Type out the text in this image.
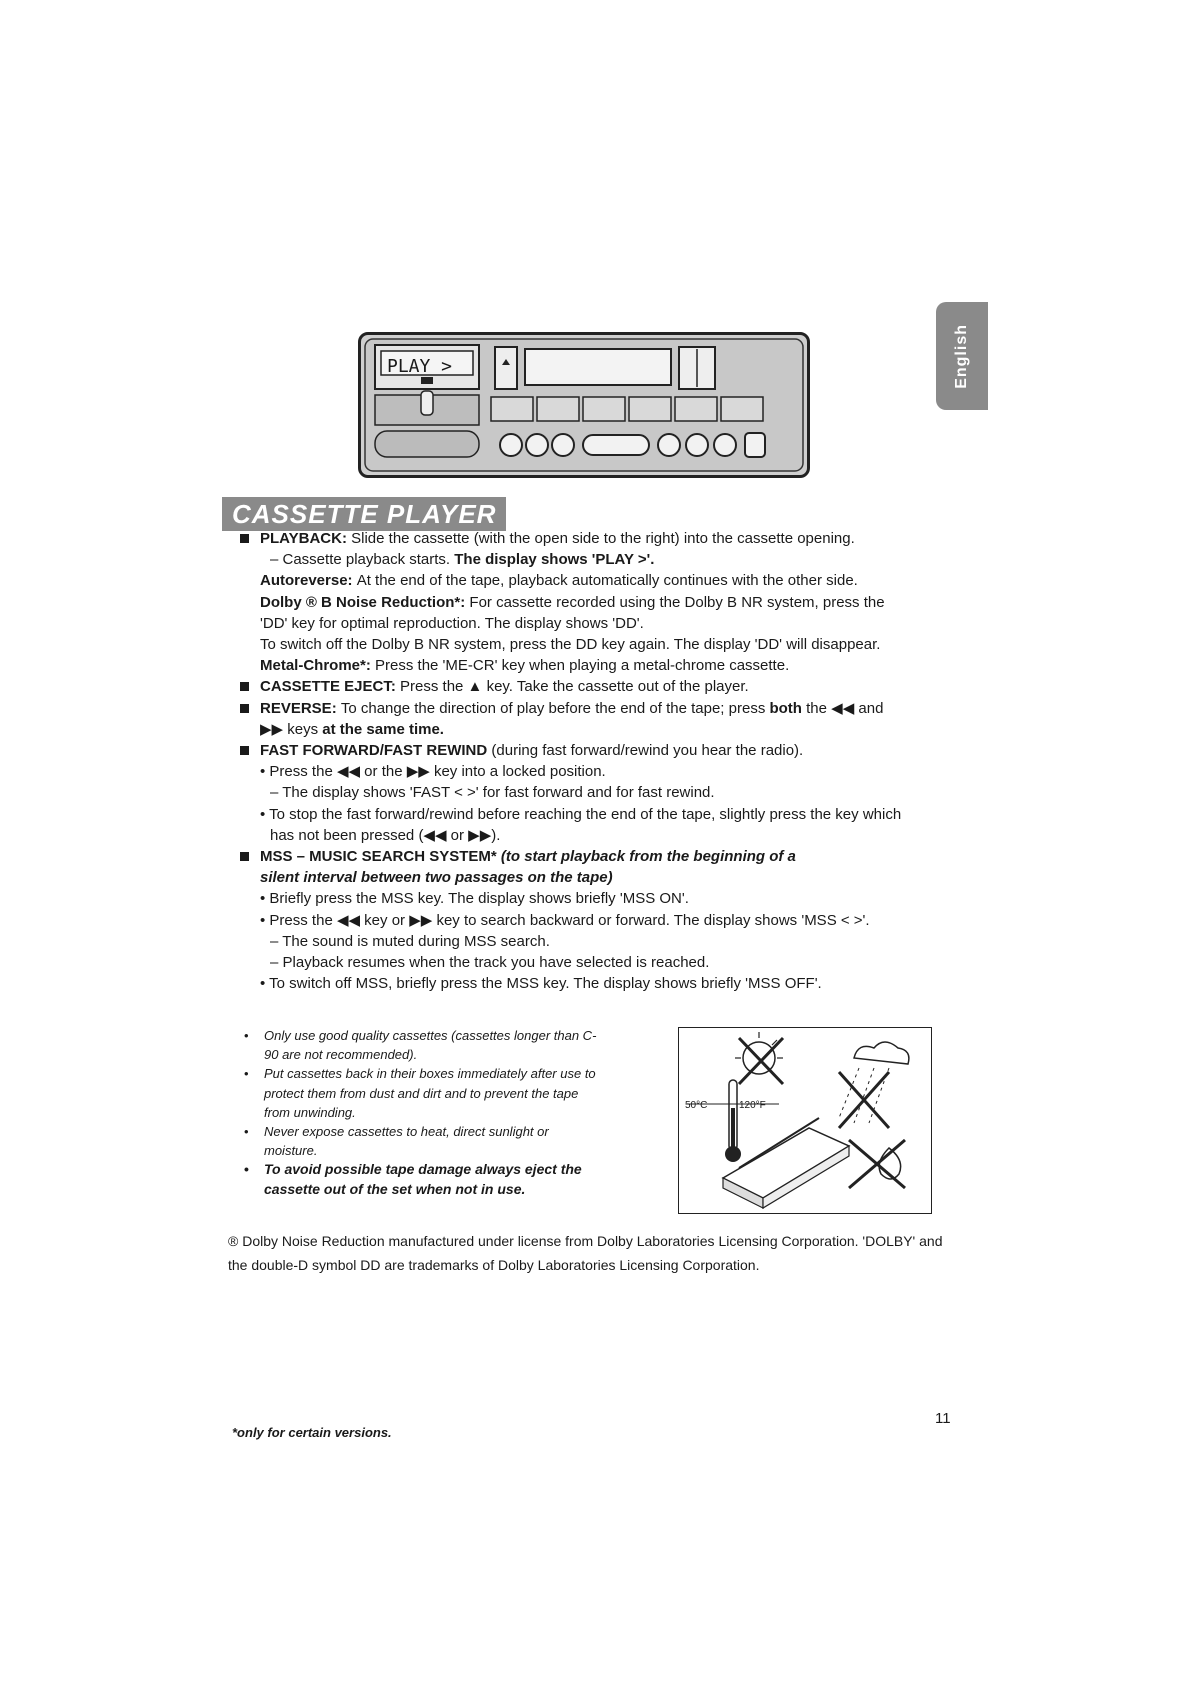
PLAY >	English
CASSETTE PLAYER

PLAYBACK: Slide the cassette (with the open side to the right) into the cassette opening.

– Cassette playback starts. The display shows 'PLAY >'.

Autoreverse: At the end of the tape, playback automatically continues with the other side.

Dolby ® B Noise Reduction*: For cassette recorded using the Dolby B NR system, press the

'DD' key for optimal reproduction. The display shows 'DD'.

To switch off the Dolby B NR system, press the DD key again. The display 'DD' will disappear.

Metal-Chrome*: Press the 'ME-CR' key when playing a metal-chrome cassette.

CASSETTE EJECT: Press the ▲ key. Take the cassette out of the player.

REVERSE: To change the direction of play before the end of the tape; press both the ◀◀ and

▶▶ keys at the same time.

FAST FORWARD/FAST REWIND (during fast forward/rewind you hear the radio).

• Press the ◀◀ or the ▶▶ key into a locked position.

– The display shows 'FAST < >' for fast forward and for fast rewind.

• To stop the fast forward/rewind before reaching the end of the tape, slightly press the key which

has not been pressed (◀◀ or ▶▶).

MSS – MUSIC SEARCH SYSTEM* (to start playback from the beginning of a

silent interval between two passages on the tape)

• Briefly press the MSS key. The display shows briefly 'MSS ON'.

• Press the ◀◀ key or ▶▶ key to search backward or forward. The display shows 'MSS < >'.

– The sound is muted during MSS search.

– Playback resumes when the track you have selected is reached.

• To switch off MSS, briefly press the MSS key. The display shows briefly 'MSS OFF'.

• Only use good quality cassettes (cassettes longer than C-90 are not recommended).

• Put cassettes back in their boxes immediately after use to protect them from dust and dirt and to prevent the tape from unwinding.

• Never expose cassettes to heat, direct sunlight or moisture.

• To avoid possible tape damage always eject the cassette out of the set when not in use.

50°C	120°F

® Dolby Noise Reduction manufactured under license from Dolby Laboratories Licensing Corporation. 'DOLBY' and

the double-D symbol DD are trademarks of Dolby Laboratories Licensing Corporation.

*only for certain versions.
11
